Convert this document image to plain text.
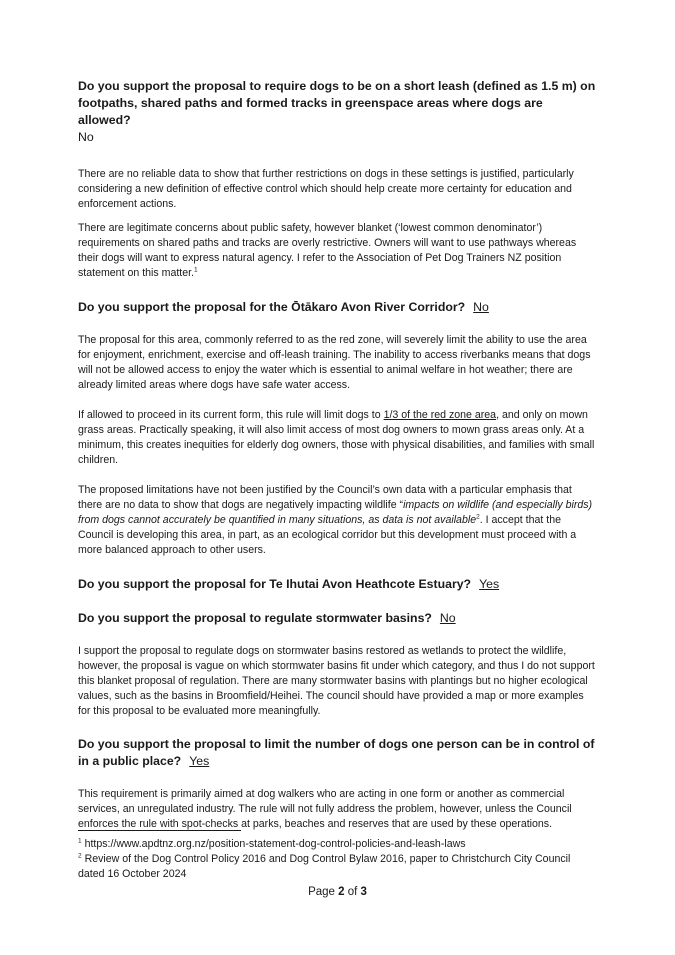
Do you support the proposal to require dogs to be on a short leash (defined as 1.5 m) on footpaths, shared paths and formed tracks in greenspace areas where dogs are allowed?

No

There are no reliable data to show that further restrictions on dogs in these settings is justified, particularly considering a new definition of effective control which should help create more certainty for education and enforcement actions.

There are legitimate concerns about public safety, however blanket (‘lowest common denominator’) requirements on shared paths and tracks are overly restrictive. Owners will want to use pathways whereas their dogs will want to express natural agency. I refer to the Association of Pet Dog Trainers NZ position statement on this matter.$^1$

Do you support the proposal for the Ōtākaro Avon River Corridor? No

The proposal for this area, commonly referred to as the red zone, will severely limit the ability to use the area for enjoyment, enrichment, exercise and off-leash training. The inability to access riverbanks means that dogs will not be allowed access to enjoy the water which is essential to animal welfare in hot weather; there are already limited areas where dogs have safe water access.

If allowed to proceed in its current form, this rule will limit dogs to 1/3 of the red zone area, and only on mown grass areas. Practically speaking, it will also limit access of most dog owners to mown grass areas only. At a minimum, this creates inequities for elderly dog owners, those with physical disabilities, and families with small children.

The proposed limitations have not been justified by the Council’s own data with a particular emphasis that there are no data to show that dogs are negatively impacting wildlife “impacts on wildlife (and especially birds) from dogs cannot accurately be quantified in many situations, as data is not available$^2$. I accept that the Council is developing this area, in part, as an ecological corridor but this development must proceed with a more balanced approach to other users.

Do you support the proposal for Te Ihutai Avon Heathcote Estuary? Yes

Do you support the proposal to regulate stormwater basins? No

I support the proposal to regulate dogs on stormwater basins restored as wetlands to protect the wildlife, however, the proposal is vague on which stormwater basins fit under which category, and thus I do not support this blanket proposal of regulation. There are many stormwater basins with plantings but no higher ecological values, such as the basins in Broomfield/Heihei. The council should have provided a map or more examples for this proposal to be evaluated more meaningfully.

Do you support the proposal to limit the number of dogs one person can be in control of in a public place? Yes

This requirement is primarily aimed at dog walkers who are acting in one form or another as commercial services, an unregulated industry. The rule will not fully address the problem, however, unless the Council enforces the rule with spot-checks at parks, beaches and reserves that are used by these operations.

$^1$ https://www.apdtnz.org.nz/position-statement-dog-control-policies-and-leash-laws

$^2$ Review of the Dog Control Policy 2016 and Dog Control Bylaw 2016, paper to Christchurch City Council dated 16 October 2024

Page 2 of 3
